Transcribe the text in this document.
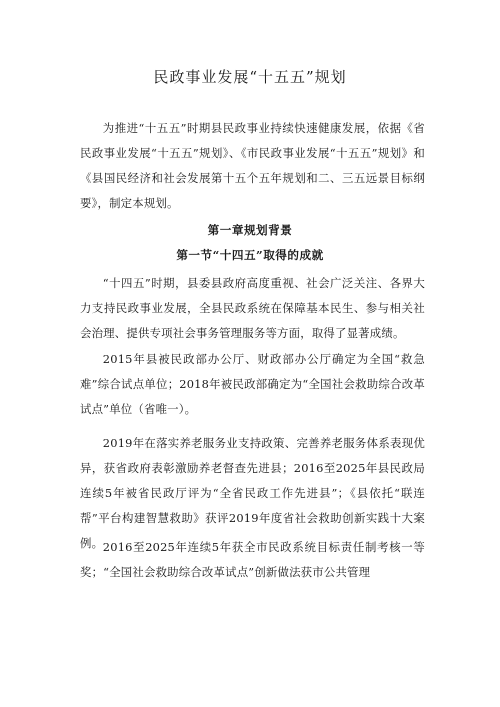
民政事业发展“十五五”规划

为推进“十五五”时期县民政事业持续快速健康发展，依据《省民政事业发展“十五五”规划》、《市民政事业发展“十五五”规划》和《县国民经济和社会发展第十五个五年规划和二、三五远景目标纲要》，制定本规划。

第一章规划背景
第一节“十四五”取得的成就

“十四五”时期，县委县政府高度重视、社会广泛关注、各界大力支持民政事业发展，全县民政系统在保障基本民生、参与相关社会治理、提供专项社会事务管理服务等方面，取得了显著成绩。

2015年县被民政部办公厅、财政部办公厅确定为全国“救急难”综合试点单位；2018年被民政部确定为“全国社会救助综合改革试点”单位（省唯一）。

2019年在落实养老服务业支持政策、完善养老服务体系表现优异，获省政府表彰激励养老督查先进县；2016至2025年县民政局连续5年被省民政厅评为“全省民政工作先进县”；《县依托“联连帮”平台构建智慧救助》获评2019年度省社会救助创新实践十大案例。 2016至2025年连续5年获全市民政系统目标责任制考核一等奖；“全国社会救助综合改革试点”创新做法获市公共管理
